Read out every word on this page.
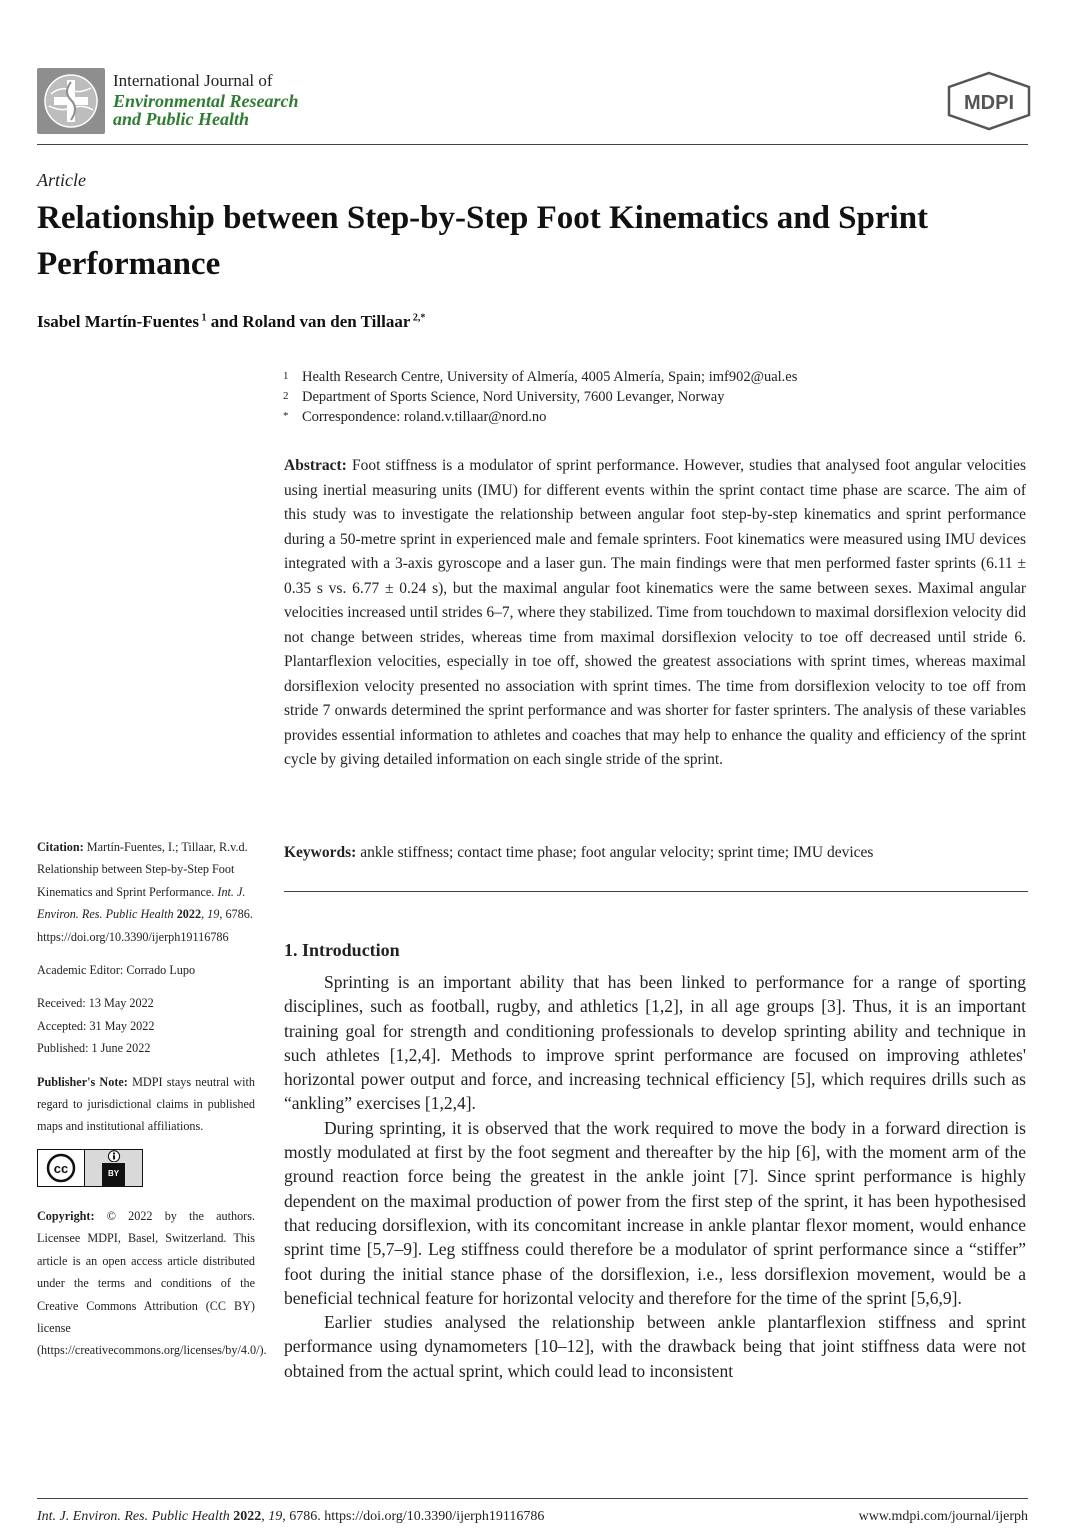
International Journal of
Environmental Research
and Public Health
MDPI
Article
Relationship between Step-by-Step Foot Kinematics and Sprint Performance
Isabel Martín-Fuentes $^1$ and Roland van den Tillaar $^{2,*}$
1 Health Research Centre, University of Almería, 4005 Almería, Spain; imf902@ual.es
2 Department of Sports Science, Nord University, 7600 Levanger, Norway
* Correspondence: roland.v.tillaar@nord.no
Abstract: Foot stiffness is a modulator of sprint performance. However, studies that analysed foot angular velocities using inertial measuring units (IMU) for different events within the sprint contact time phase are scarce. The aim of this study was to investigate the relationship between angular foot step-by-step kinematics and sprint performance during a 50-metre sprint in experienced male and female sprinters. Foot kinematics were measured using IMU devices integrated with a 3-axis gyroscope and a laser gun. The main findings were that men performed faster sprints (6.11 ± 0.35 s vs. 6.77 ± 0.24 s), but the maximal angular foot kinematics were the same between sexes. Maximal angular velocities increased until strides 6–7, where they stabilized. Time from touchdown to maximal dorsiflexion velocity did not change between strides, whereas time from maximal dorsiflexion velocity to toe off decreased until stride 6. Plantarflexion velocities, especially in toe off, showed the greatest associations with sprint times, whereas maximal dorsiflexion velocity presented no association with sprint times. The time from dorsiflexion velocity to toe off from stride 7 onwards determined the sprint performance and was shorter for faster sprinters. The analysis of these variables provides essential information to athletes and coaches that may help to enhance the quality and efficiency of the sprint cycle by giving detailed information on each single stride of the sprint.
Keywords: ankle stiffness; contact time phase; foot angular velocity; sprint time; IMU devices

Citation: Martín-Fuentes, I.; Tillaar, R.v.d. Relationship between Step-by-Step Foot Kinematics and Sprint Performance. Int. J. Environ. Res. Public Health 2022, 19, 6786. https://doi.org/10.3390/ijerph19116786

Academic Editor: Corrado Lupo

Received: 13 May 2022

Accepted: 31 May 2022

Published: 1 June 2022

Publisher's Note: MDPI stays neutral with regard to jurisdictional claims in published maps and institutional affiliations.

cc	BY

Copyright: © 2022 by the authors. Licensee MDPI, Basel, Switzerland. This article is an open access article distributed under the terms and conditions of the Creative Commons Attribution (CC BY) license (https://creativecommons.org/licenses/by/4.0/).

1. Introduction

Sprinting is an important ability that has been linked to performance for a range of sporting disciplines, such as football, rugby, and athletics [1,2], in all age groups [3]. Thus, it is an important training goal for strength and conditioning professionals to develop sprinting ability and technique in such athletes [1,2,4]. Methods to improve sprint performance are focused on improving athletes' horizontal power output and force, and increasing technical efficiency [5], which requires drills such as “ankling” exercises [1,2,4].

During sprinting, it is observed that the work required to move the body in a forward direction is mostly modulated at first by the foot segment and thereafter by the hip [6], with the moment arm of the ground reaction force being the greatest in the ankle joint [7]. Since sprint performance is highly dependent on the maximal production of power from the first step of the sprint, it has been hypothesised that reducing dorsiflexion, with its concomitant increase in ankle plantar flexor moment, would enhance sprint time [5,7–9]. Leg stiffness could therefore be a modulator of sprint performance since a “stiffer” foot during the initial stance phase of the dorsiflexion, i.e., less dorsiflexion movement, would be a beneficial technical feature for horizontal velocity and therefore for the time of the sprint [5,6,9].

Earlier studies analysed the relationship between ankle plantarflexion stiffness and sprint performance using dynamometers [10–12], with the drawback being that joint stiffness data were not obtained from the actual sprint, which could lead to inconsistent

Int. J. Environ. Res. Public Health 2022, 19, 6786. https://doi.org/10.3390/ijerph19116786	www.mdpi.com/journal/ijerph
